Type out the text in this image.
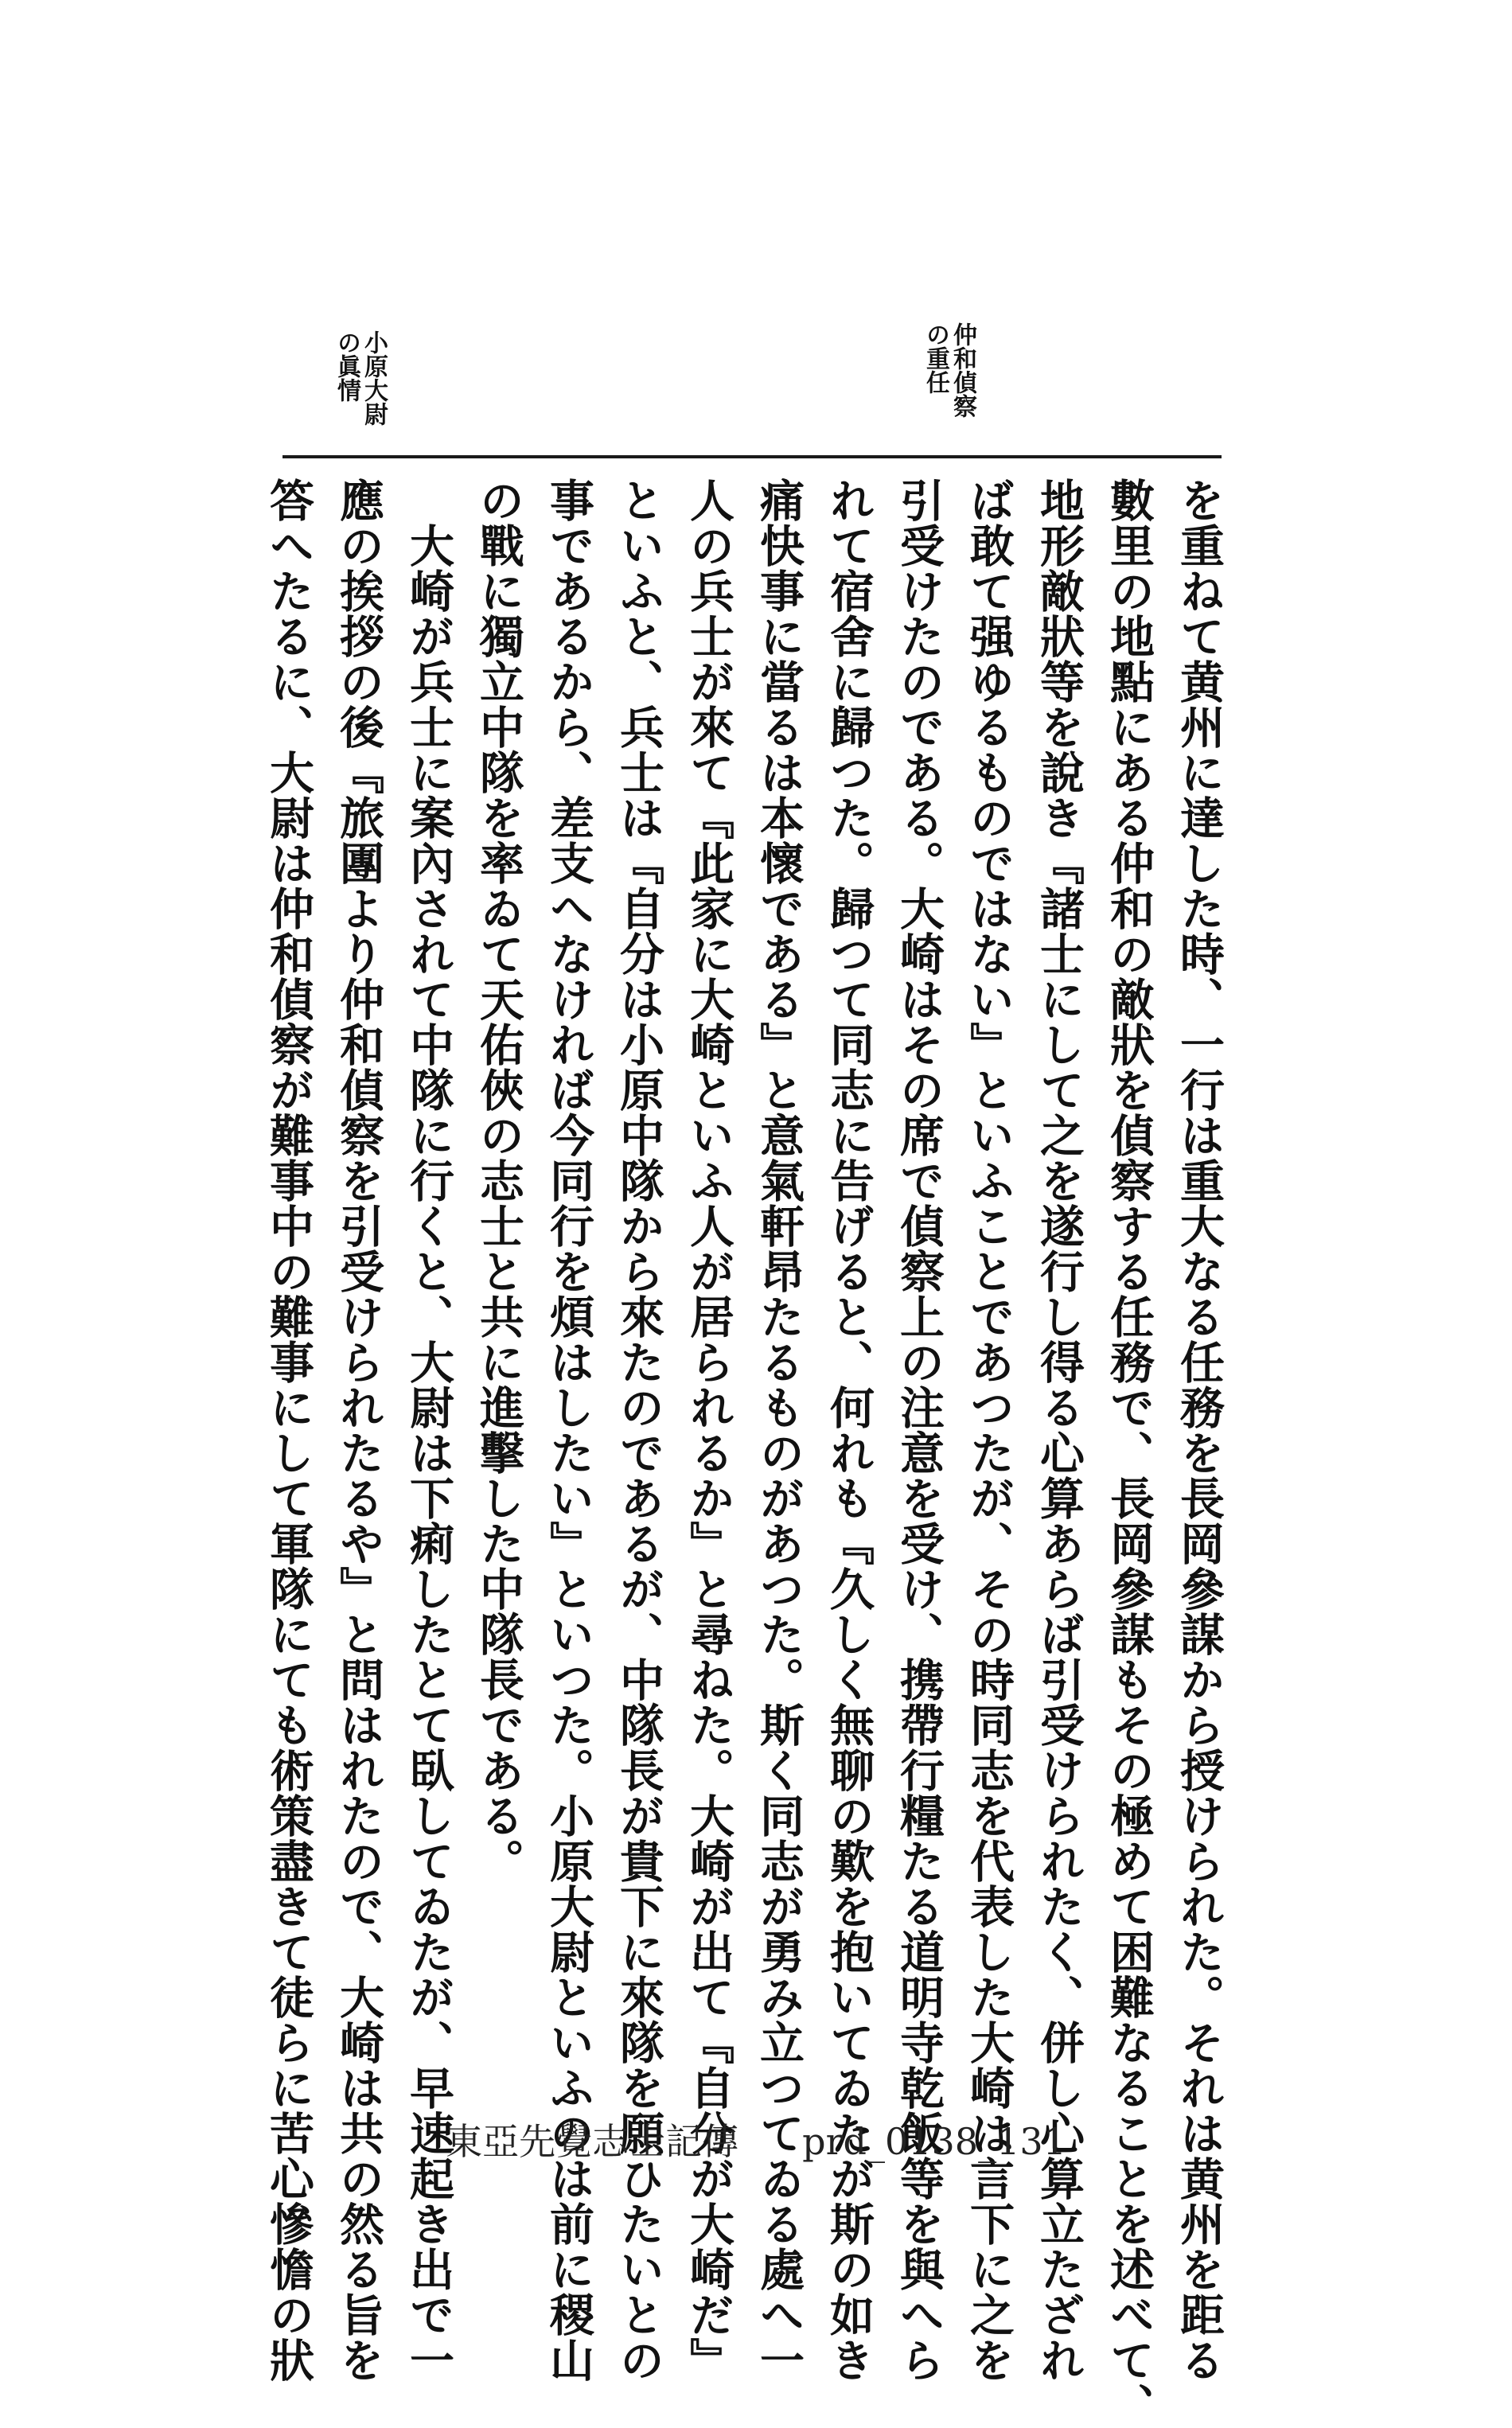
仲和偵察
の重任
小原大尉
の眞情
を重ねて黄州に達した時、一行は重大なる任務を長岡參謀から授けられた。それは黄州を距る
數里の地點にある仲和の敵狀を偵察する任務で、長岡參謀もその極めて困難なることを述べて、
地形敵狀等を說き『諸士にして之を遂行し得る心算あらば引受けられたく、併し心算立たざれ
ば敢て强ゆるものではない』といふことであつたが、その時同志を代表した大崎は言下に之を
引受けたのである。大崎はその席で偵察上の注意を受け、携帶行糧たる道明寺乾飯等を與へら
れて宿舍に歸つた。歸つて同志に告げると、何れも『久しく無聊の歎を抱いてゐたが斯の如き
痛快事に當るは本懷である』と意氣軒昂たるものがあつた。斯く同志が勇み立つてゐる處へ一
人の兵士が來て『此家に大崎といふ人が居られるか』と尋ねた。大崎が出て『自分が大崎だ』
といふと、兵士は『自分は小原中隊から來たのであるが、中隊長が貴下に來隊を願ひたいとの
事であるから、差支へなければ今同行を煩はしたい』といつた。小原大尉といふのは前に稷山
の戰に獨立中隊を率ゐて天佑俠の志士と共に進擊した中隊長である。
　大崎が兵士に案內されて中隊に行くと、大尉は下痢したとて臥してゐたが、早速起き出で一
應の挨拶の後『旅團より仲和偵察を引受けられたるや』と問はれたので、大崎は共の然る旨を
答へたるに、大尉は仲和偵察が難事中の難事にして軍隊にても術策盡きて徒らに苦心慘憺の狀	東亞先覺志士記傳 prd_0138_131
